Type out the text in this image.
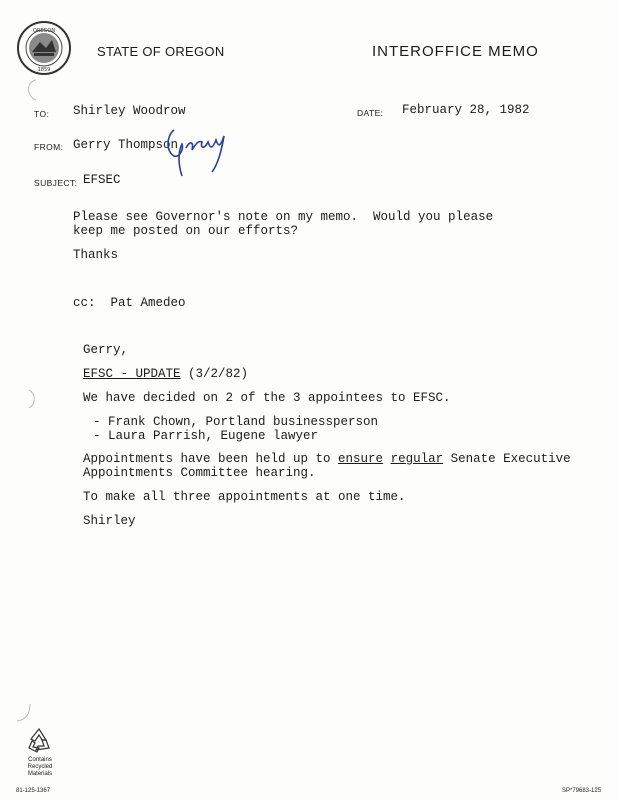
OREGON
1859
STATE OF OREGON	INTEROFFICE MEMO
TO: Shirley Woodrow	DATE: February 28, 1982
FROM: Gerry Thompson
SUBJECT: EFSEC
Please see Governor's note on my memo.  Would you please
keep me posted on our efforts?
Thanks
cc:  Pat Amedeo
Gerry,
EFSC - UPDATE (3/2/82)
We have decided on 2 of the 3 appointees to EFSC.
- Frank Chown, Portland businessperson
- Laura Parrish, Eugene lawyer
Appointments have been held up to ensure regular Senate Executive
Appointments Committee hearing.
To make all three appointments at one time.
Shirley
Contains
Recycled
Materials
81-125-1367	SP*79683-125
